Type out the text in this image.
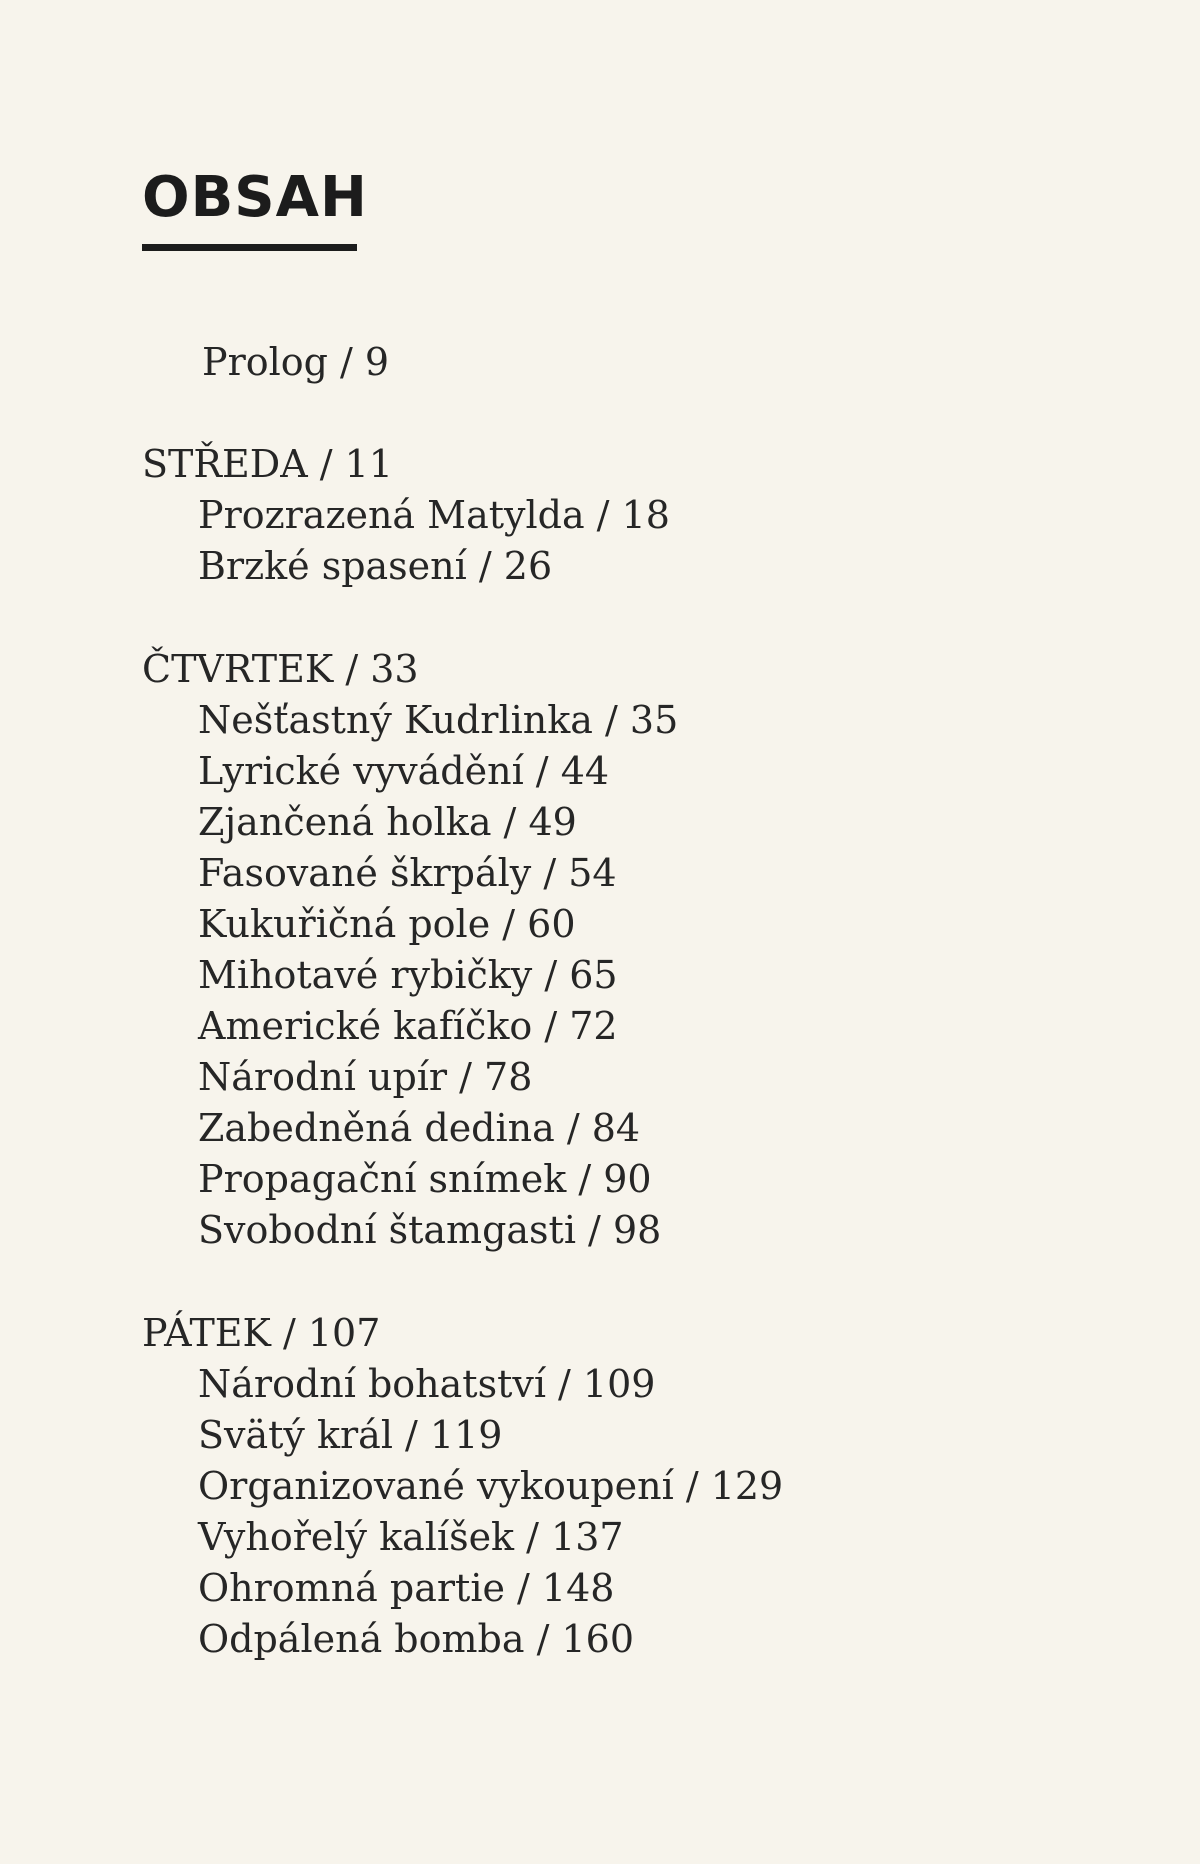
OBSAH
Prolog / 9
STŘEDA / 11
Prozrazená Matylda / 18
Brzké spasení / 26
ČTVRTEK / 33
Nešťastný Kudrlinka / 35
Lyrické vyvádění / 44
Zjančená holka / 49
Fasované škrpály / 54
Kukuřičná pole / 60
Mihotavé rybičky / 65
Americké kafíčko / 72
Národní upír / 78
Zabedněná dedina / 84
Propagační snímek / 90
Svobodní štamgasti / 98
PÁTEK / 107
Národní bohatství / 109
Svätý král / 119
Organizované vykoupení / 129
Vyhořelý kalíšek / 137
Ohromná partie / 148
Odpálená bomba / 160
